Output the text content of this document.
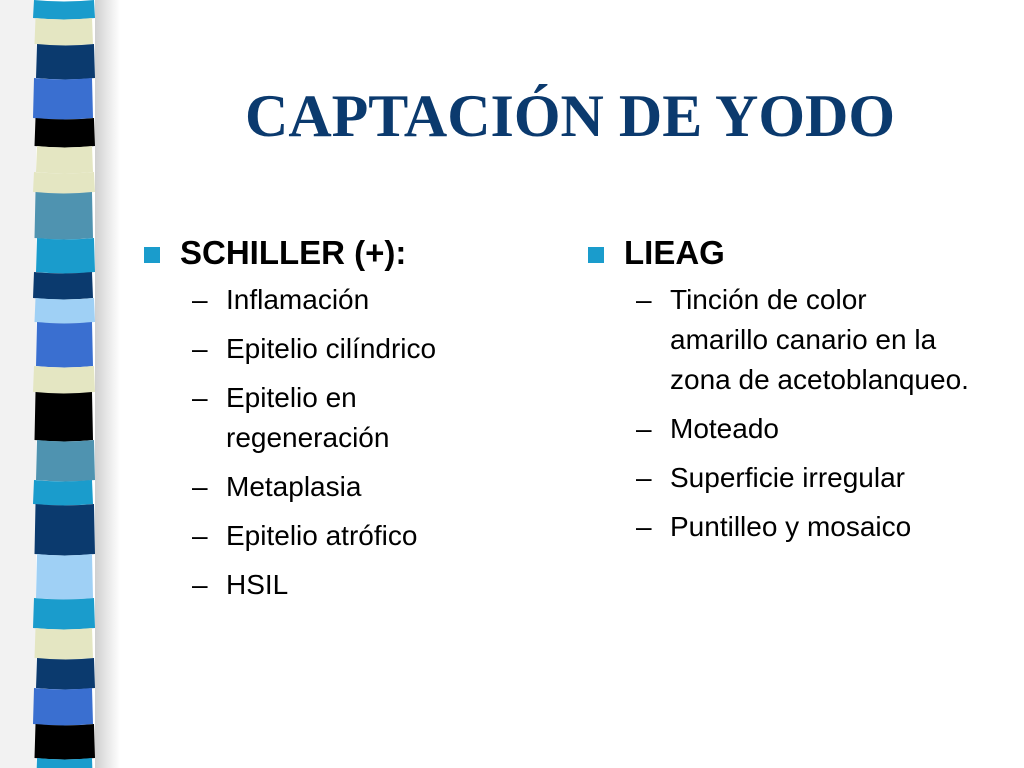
CAPTACIÓN DE YODO
SCHILLER (+):
– Inflamación
– Epitelio cilíndrico
– Epitelio en regeneración
– Metaplasia
– Epitelio atrófico
– HSIL
LIEAG
– Tinción de color amarillo canario en la zona de acetoblanqueo.
– Moteado
– Superficie irregular
– Puntilleo y mosaico
